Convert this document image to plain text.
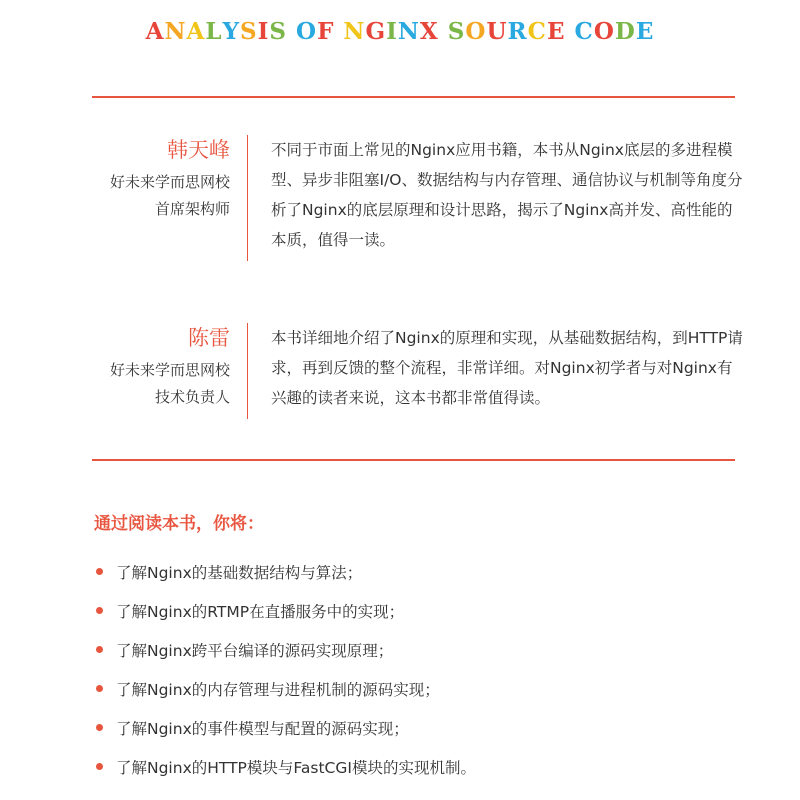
ANALYSIS OF NGINX SOURCE CODE
韩天峰
好未来学而思网校
首席架构师
不同于市面上常见的Nginx应用书籍，本书从Nginx底层的多进程模型、异步非阻塞I/O、数据结构与内存管理、通信协议与机制等角度分析了Nginx的底层原理和设计思路，揭示了Nginx高并发、高性能的本质，值得一读。
陈雷
好未来学而思网校
技术负责人
本书详细地介绍了Nginx的原理和实现，从基础数据结构，到HTTP请求，再到反馈的整个流程，非常详细。对Nginx初学者与对Nginx有兴趣的读者来说，这本书都非常值得读。
通过阅读本书，你将：
了解Nginx的基础数据结构与算法；
了解Nginx的RTMP在直播服务中的实现；
了解Nginx跨平台编译的源码实现原理；
了解Nginx的内存管理与进程机制的源码实现；
了解Nginx的事件模型与配置的源码实现；
了解Nginx的HTTP模块与FastCGI模块的实现机制。
